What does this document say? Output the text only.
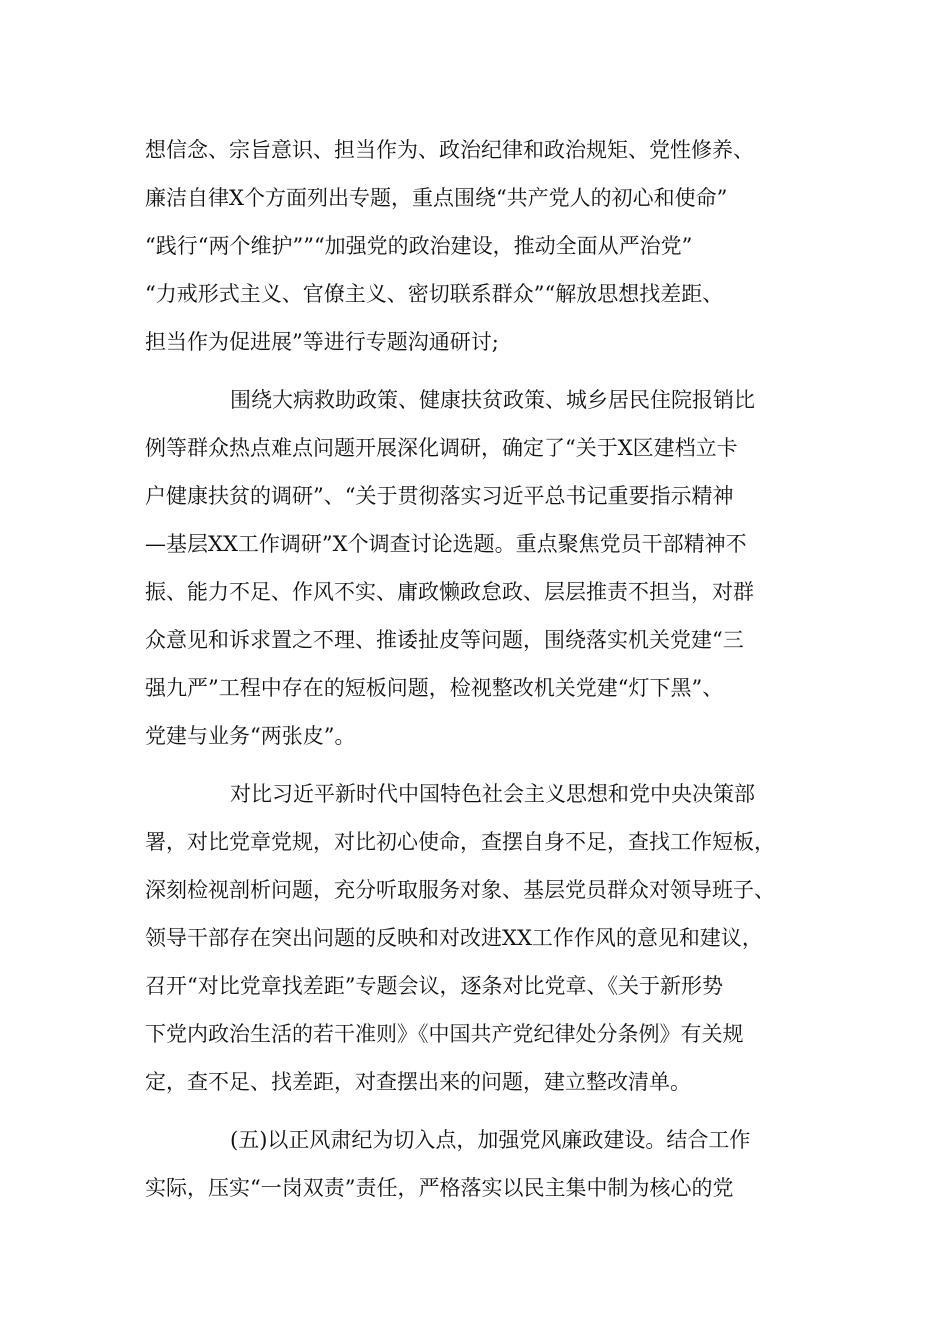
想信念、宗旨意识、担当作为、政治纪律和政治规矩、党性修养、
廉洁自律X个方面列出专题，重点围绕“共产党人的初心和使命”
“践行“两个维护””“加强党的政治建设，推动全面从严治党”
“力戒形式主义、官僚主义、密切联系群众”“解放思想找差距、
担当作为促进展”等进行专题沟通研讨;
围绕大病救助政策、健康扶贫政策、城乡居民住院报销比
例等群众热点难点问题开展深化调研，确定了“关于X区建档立卡
户健康扶贫的调研”、“关于贯彻落实习近平总书记重要指示精神
—基层XX工作调研”X个调查讨论选题。重点聚焦党员干部精神不
振、能力不足、作风不实、庸政懒政怠政、层层推责不担当，对群
众意见和诉求置之不理、推诿扯皮等问题，围绕落实机关党建“三
强九严”工程中存在的短板问题，检视整改机关党建“灯下黑”、
党建与业务“两张皮”。
对比习近平新时代中国特色社会主义思想和党中央决策部
署，对比党章党规，对比初心使命，查摆自身不足，查找工作短板，
深刻检视剖析问题，充分听取服务对象、基层党员群众对领导班子、
领导干部存在突出问题的反映和对改进XX工作作风的意见和建议，
召开“对比党章找差距”专题会议，逐条对比党章、《关于新形势
下党内政治生活的若干准则》《中国共产党纪律处分条例》有关规
定，查不足、找差距，对查摆出来的问题，建立整改清单。
(五)以正风肃纪为切入点，加强党风廉政建设。结合工作
实际，压实“一岗双责”责任，严格落实以民主集中制为核心的党
